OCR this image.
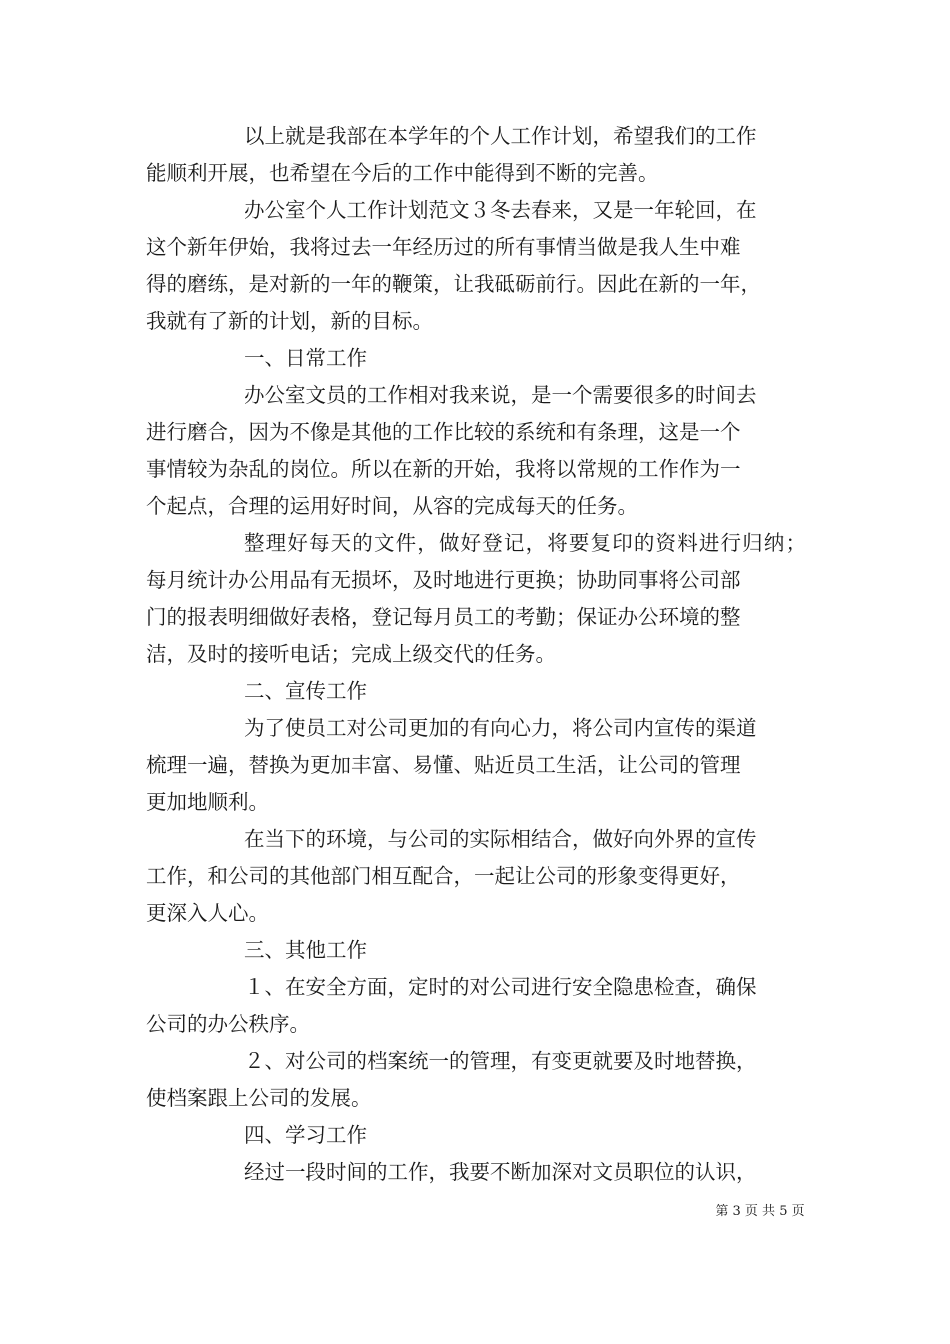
以上就是我部在本学年的个人工作计划，希望我们的工作
能顺利开展，也希望在今后的工作中能得到不断的完善。
办公室个人工作计划范文３冬去春来，又是一年轮回，在
这个新年伊始，我将过去一年经历过的所有事情当做是我人生中难
得的磨练，是对新的一年的鞭策，让我砥砺前行。因此在新的一年，
我就有了新的计划，新的目标。
一、日常工作
办公室文员的工作相对我来说，是一个需要很多的时间去
进行磨合，因为不像是其他的工作比较的系统和有条理，这是一个
事情较为杂乱的岗位。所以在新的开始，我将以常规的工作作为一
个起点，合理的运用好时间，从容的完成每天的任务。
整理好每天的文件，做好登记，将要复印的资料进行归纳；
每月统计办公用品有无损坏，及时地进行更换；协助同事将公司部
门的报表明细做好表格，登记每月员工的考勤；保证办公环境的整
洁，及时的接听电话；完成上级交代的任务。
二、宣传工作
为了使员工对公司更加的有向心力，将公司内宣传的渠道
梳理一遍，替换为更加丰富、易懂、贴近员工生活，让公司的管理
更加地顺利。
在当下的环境，与公司的实际相结合，做好向外界的宣传
工作，和公司的其他部门相互配合，一起让公司的形象变得更好，
更深入人心。
三、其他工作
１、在安全方面，定时的对公司进行安全隐患检查，确保
公司的办公秩序。
２、对公司的档案统一的管理，有变更就要及时地替换，
使档案跟上公司的发展。
四、学习工作
经过一段时间的工作，我要不断加深对文员职位的认识，
第 3 页 共 5 页
